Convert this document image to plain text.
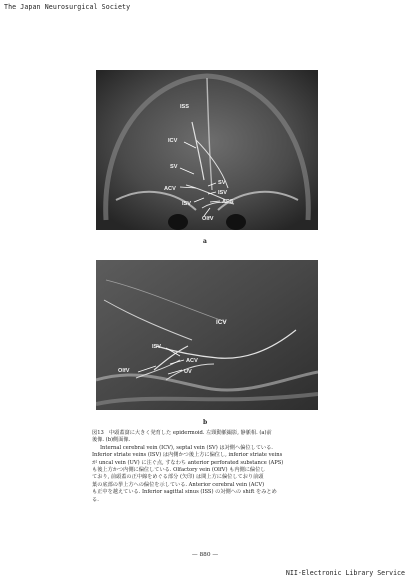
The Japan Neurosurgical Society
ISS
ICV
SV
ACV
SV
ISV
APS
ISV
OlfV
a
ICV
ISV
ACV
OlfV	UV
b

図13　中頭蓋窩に大きく発育した epidermoid. 左頸動脈撮影, 静脈相. (a)前

後像. (b)側面像.

Internal cerebral vein (ICV), septal vein (SV) は対側へ偏位している.

Inferior striate veins (ISV) は内側かつ後上方に偏位し, inferior striate veins

が uncal vein (UV) に注ぐ点, すなわち anterior perforated substance (APS)

も後上方かつ内側に偏位している. Olfactory vein (OlfV) も内側に偏位し

ており, 前頭蓋の正中線をめぐる部分 (矢印) は間上方に偏位しており前頭

葉の底部の挙上方への偏位を示している. Anterior cerebral vein (ACV)

も正中を越えている. Inferior sagittal sinus (ISS) の対側への shift をみとめ

る.

— 880 —
NII-Electronic Library Service
